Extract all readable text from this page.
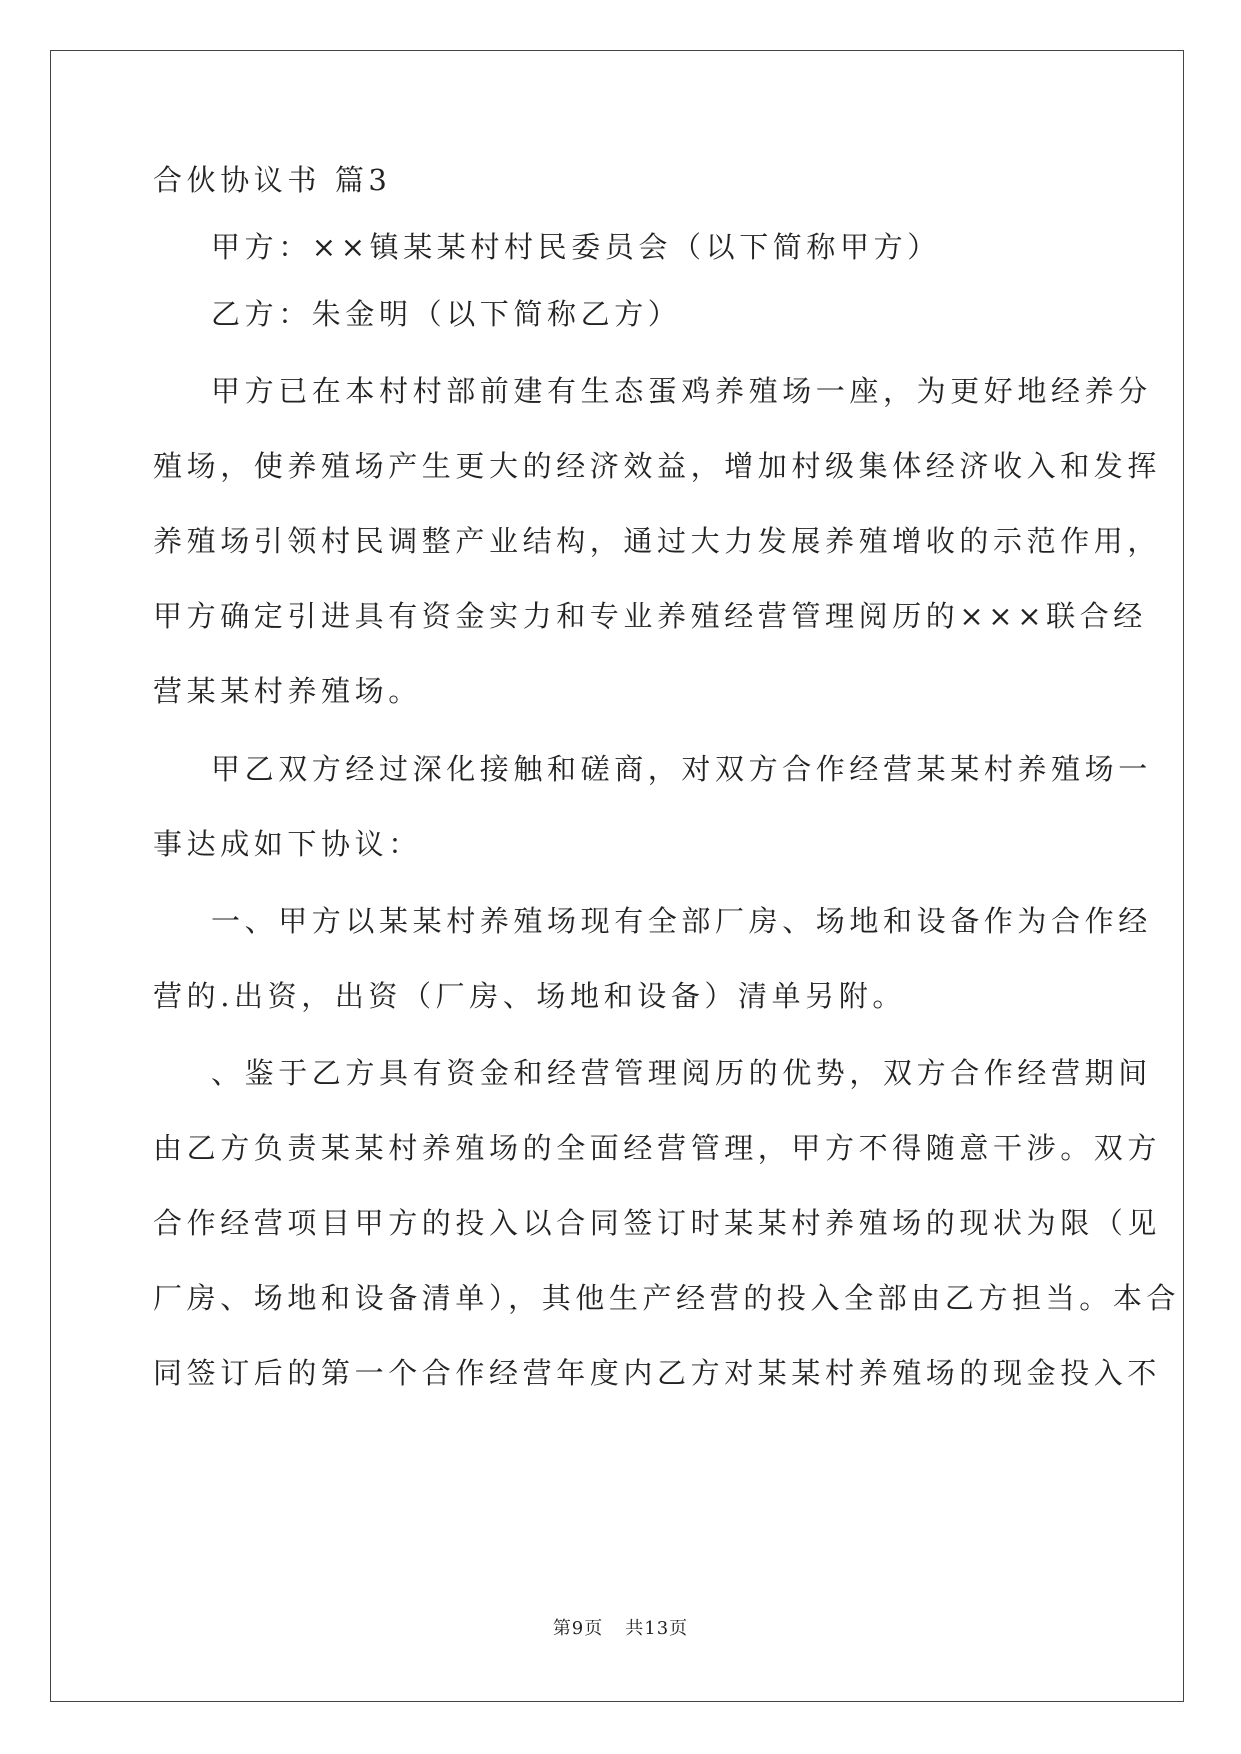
合伙协议书 篇3
甲方：××镇某某村村民委员会（以下简称甲方）
乙方：朱金明（以下简称乙方）
甲方已在本村村部前建有生态蛋鸡养殖场一座，为更好地经养分
殖场，使养殖场产生更大的经济效益，增加村级集体经济收入和发挥
养殖场引领村民调整产业结构，通过大力发展养殖增收的示范作用，
甲方确定引进具有资金实力和专业养殖经营管理阅历的×××联合经
营某某村养殖场。
甲乙双方经过深化接触和磋商，对双方合作经营某某村养殖场一
事达成如下协议：
一、甲方以某某村养殖场现有全部厂房、场地和设备作为合作经
营的.出资，出资（厂房、场地和设备）清单另附。
、鉴于乙方具有资金和经营管理阅历的优势，双方合作经营期间
由乙方负责某某村养殖场的全面经营管理，甲方不得随意干涉。双方
合作经营项目甲方的投入以合同签订时某某村养殖场的现状为限（见
厂房、场地和设备清单），其他生产经营的投入全部由乙方担当。本合
同签订后的第一个合作经营年度内乙方对某某村养殖场的现金投入不
第9页 共13页
